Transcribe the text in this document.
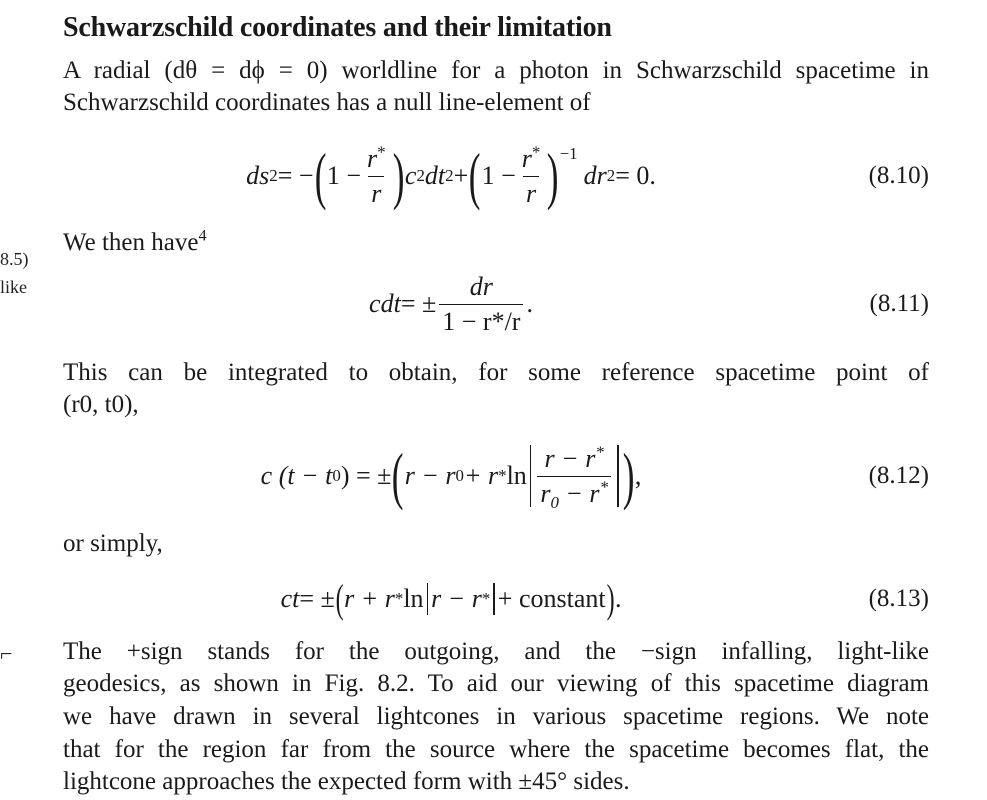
8.5)
like
⌐
Schwarzschild coordinates and their limitation

A radial (dθ = dϕ = 0) worldline for a photon in Schwarzschild spacetime in

Schwarzschild coordinates has a null line-element of

ds 2 = − ( $1 - \frac{r^*}{r}$ ) c 2 dt 2 + ( $1 - \frac{r^*}{r} )^{-1}$
dr 2 = 0.	(8.10)

We then have$^4$

cdt = ± $\frac{dr}{1 - r*/r}$ .	(8.11)

This can be integrated to obtain, for some reference spacetime point of

(r0, t0),

c (t − t 0 ) = ± ( r − r $0 + r * \ln \frac{r - r^*}{r_0 - r^*}$ ) ,	(8.12)

or simply,

ct = ± ( r + r * ln r − r * + constant ) .	(8.13)

The +sign stands for the outgoing, and the −sign infalling, light-like

geodesics, as shown in Fig. 8.2. To aid our viewing of this spacetime diagram

we have drawn in several lightcones in various spacetime regions. We note

that for the region far from the source where the spacetime becomes flat, the

lightcone approaches the expected form with ±45° sides.
